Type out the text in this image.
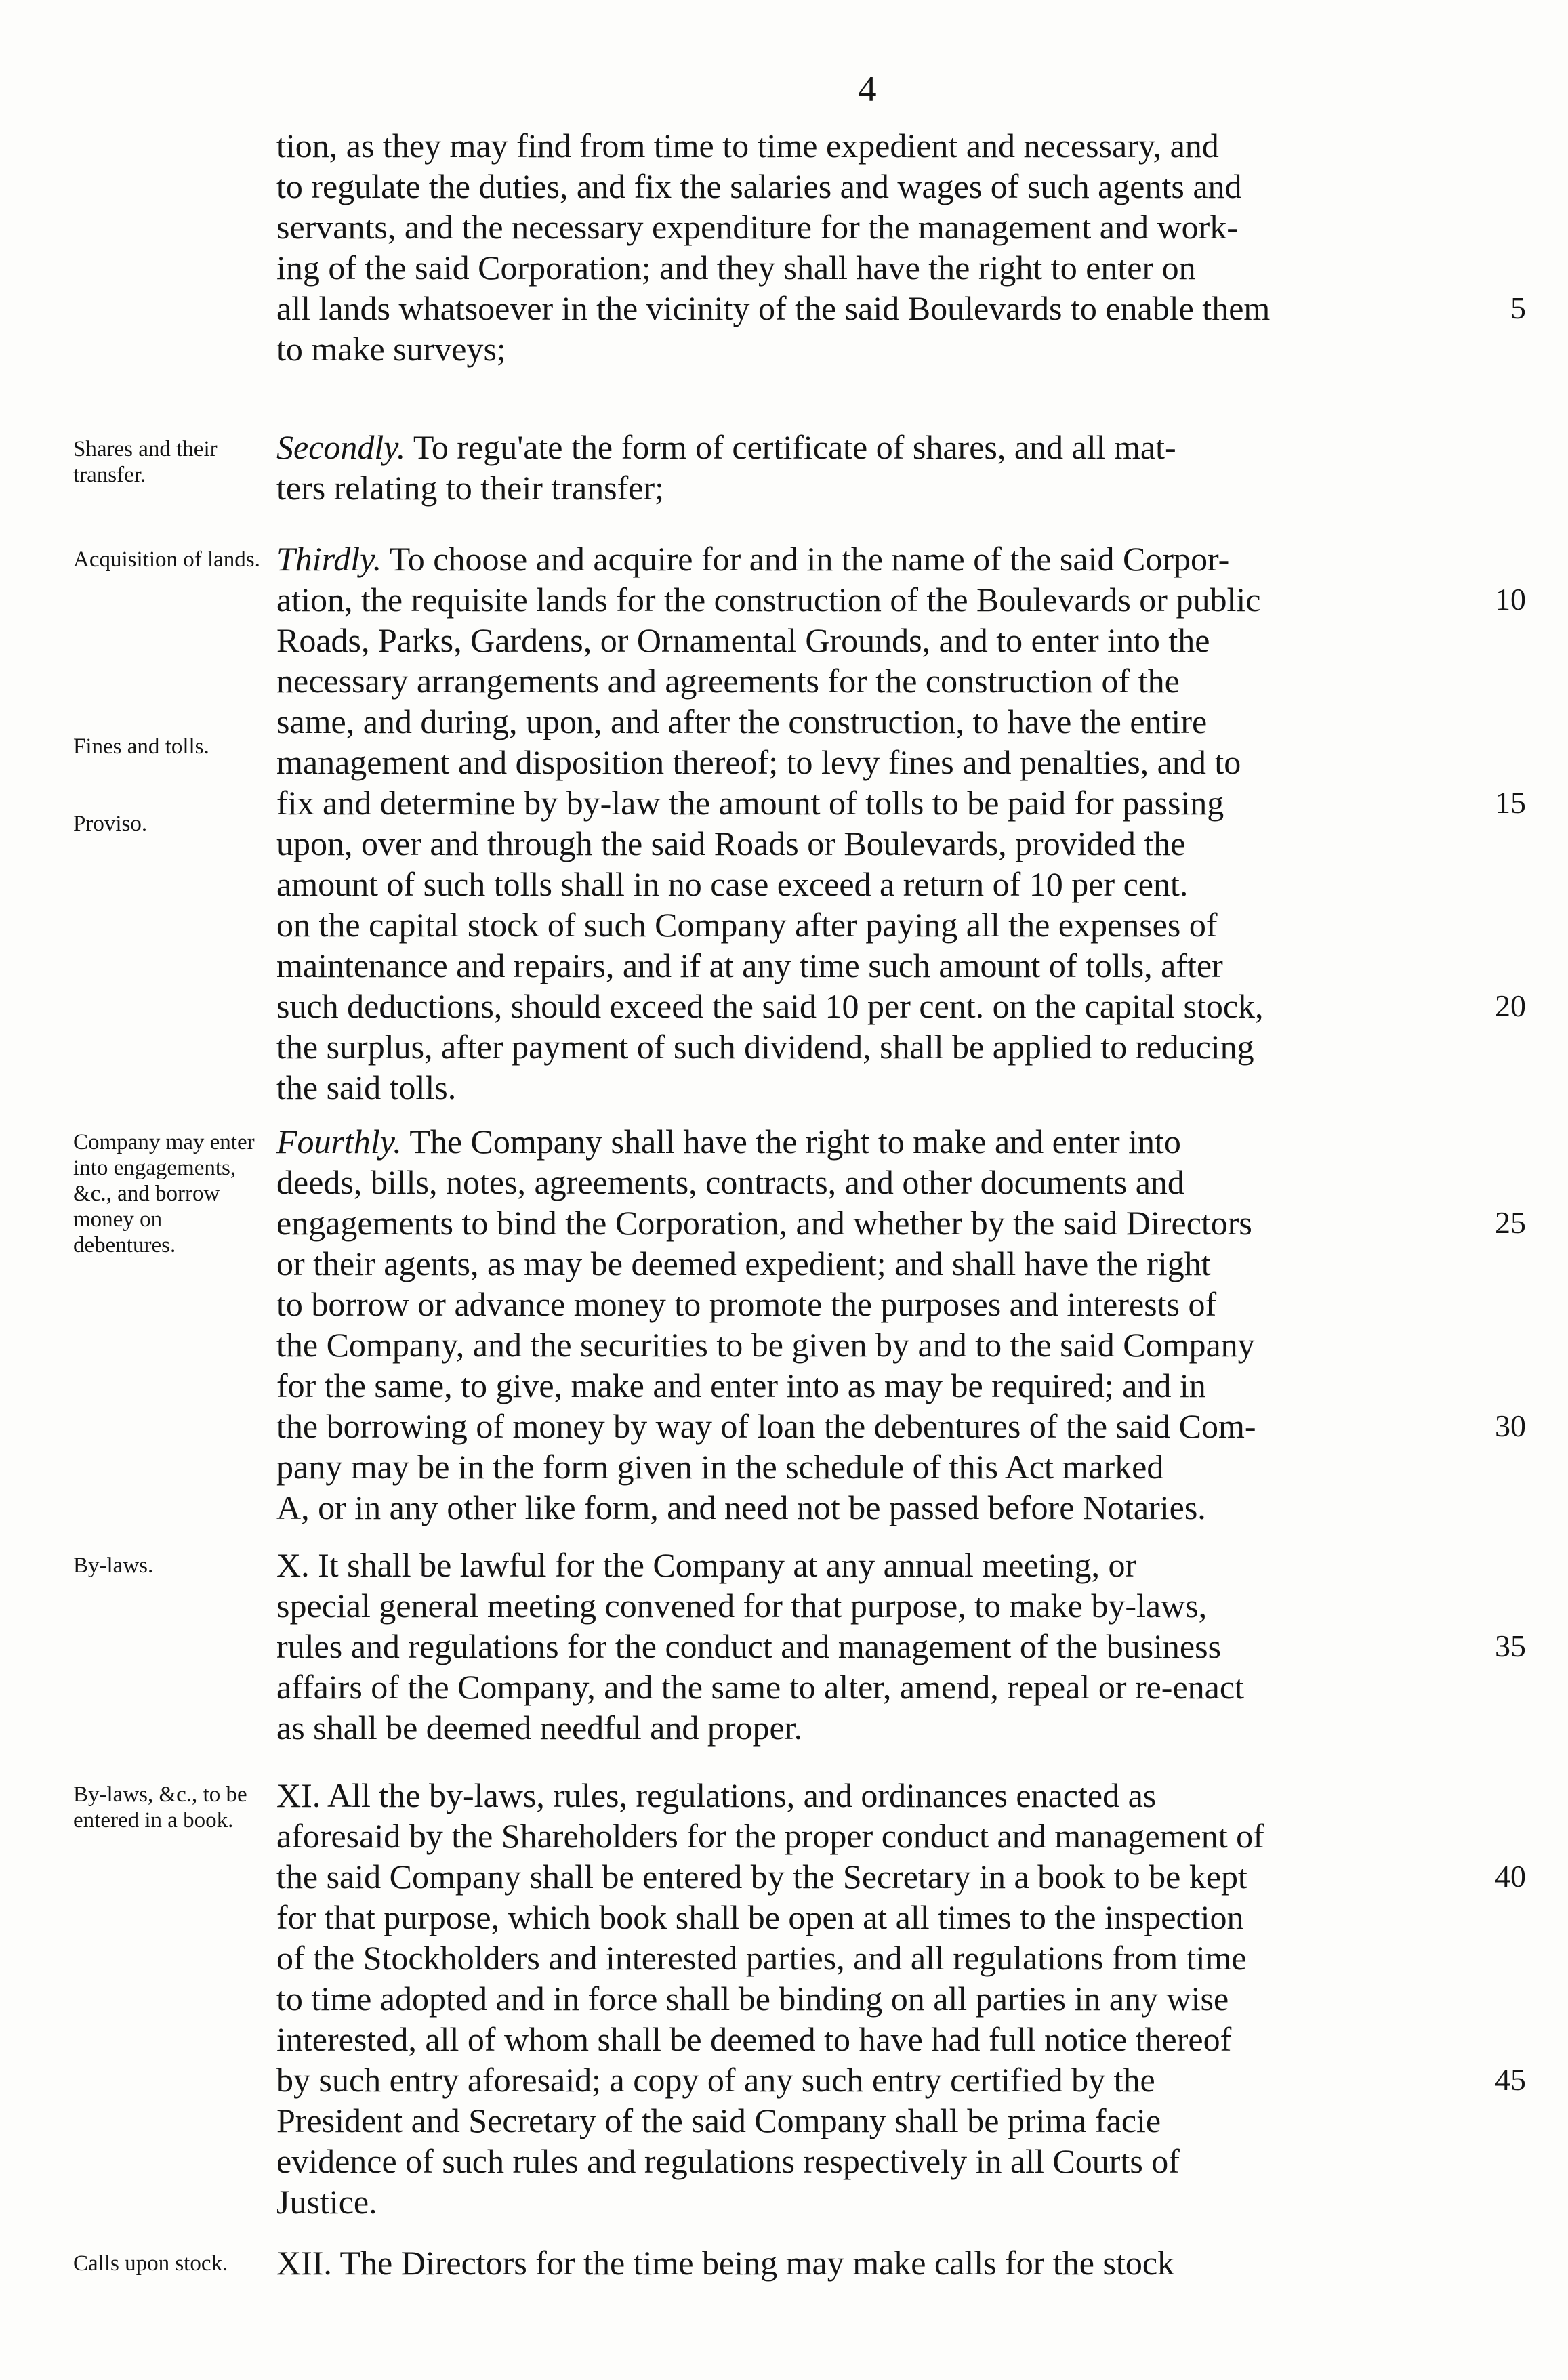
4
tion, as they may find from time to time expedient and necessary, and
to regulate the duties, and fix the salaries and wages of such agents and
servants, and the necessary expenditure for the management and work-
ing of the said Corporation; and they shall have the right to enter on
all lands whatsoever in the vicinity of the said Boulevards to enable them
to make surveys;
5
Shares and their transfer.
Secondly. To regu'ate the form of certificate of shares, and all mat-
ters relating to their transfer;
Acquisition of lands.
Fines and tolls.
Proviso.
Thirdly. To choose and acquire for and in the name of the said Corpor-
ation, the requisite lands for the construction of the Boulevards or public
Roads, Parks, Gardens, or Ornamental Grounds, and to enter into the
necessary arrangements and agreements for the construction of the
same, and during, upon, and after the construction, to have the entire
management and disposition thereof; to levy fines and penalties, and to
fix and determine by by-law the amount of tolls to be paid for passing
upon, over and through the said Roads or Boulevards, provided the
amount of such tolls shall in no case exceed a return of 10 per cent.
on the capital stock of such Company after paying all the expenses of
maintenance and repairs, and if at any time such amount of tolls, after
such deductions, should exceed the said 10 per cent. on the capital stock,
the surplus, after payment of such dividend, shall be applied to reducing
the said tolls.
10
15
20
Company may enter into engagements, &c., and borrow money on debentures.
Fourthly. The Company shall have the right to make and enter into
deeds, bills, notes, agreements, contracts, and other documents and
engagements to bind the Corporation, and whether by the said Directors
or their agents, as may be deemed expedient; and shall have the right
to borrow or advance money to promote the purposes and interests of
the Company, and the securities to be given by and to the said Company
for the same, to give, make and enter into as may be required; and in
the borrowing of money by way of loan the debentures of the said Com-
pany may be in the form given in the schedule of this Act marked
A, or in any other like form, and need not be passed before Notaries.
25
30
By-laws.	X. It shall be lawful for the Company at any annual meeting, or
special general meeting convened for that purpose, to make by-laws,
rules and regulations for the conduct and management of the business
affairs of the Company, and the same to alter, amend, repeal or re-enact
as shall be deemed needful and proper.
35
By-laws, &c., to be entered in a book.
XI. All the by-laws, rules, regulations, and ordinances enacted as
aforesaid by the Shareholders for the proper conduct and management of
the said Company shall be entered by the Secretary in a book to be kept
for that purpose, which book shall be open at all times to the inspection
of the Stockholders and interested parties, and all regulations from time
to time adopted and in force shall be binding on all parties in any wise
interested, all of whom shall be deemed to have had full notice thereof
by such entry aforesaid; a copy of any such entry certified by the
President and Secretary of the said Company shall be prima facie
evidence of such rules and regulations respectively in all Courts of
Justice.
40
45
Calls upon stock.	XII. The Directors for the time being may make calls for the stock
